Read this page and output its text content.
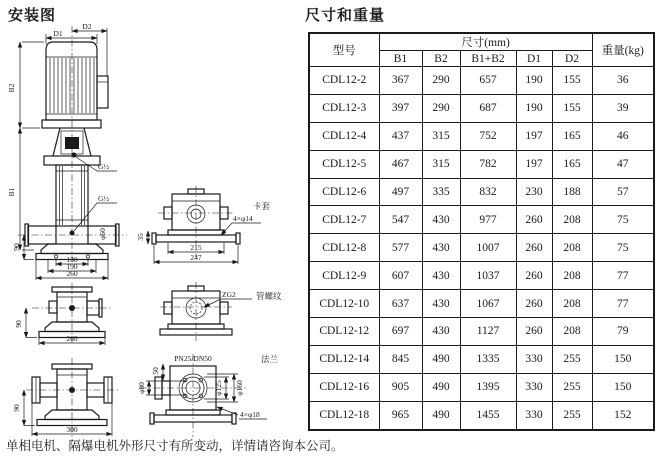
安装图	尺寸和重量
D2
D1
B2
B1
G½
G½
φ60
90
130
190
260
90
260
90
300
35
卡套
4×φ14
215
247
ZG2 管螺纹
PN25/DN50
50
φ80	φ125 φ160
4×φ18
法兰
型号	尺寸(mm)					重量(kg)
	B1	B2	B1+B2	D1	D2	
CDL12-2	367	290	657	190	155	36
CDL12-3	397	290	687	190	155	39
CDL12-4	437	315	752	197	165	46
CDL12-5	467	315	782	197	165	47
CDL12-6	497	335	832	230	188	57
CDL12-7	547	430	977	260	208	75
CDL12-8	577	430	1007	260	208	75
CDL12-9	607	430	1037	260	208	77
CDL12-10	637	430	1067	260	208	77
CDL12-12	697	430	1127	260	208	79
CDL12-14	845	490	1335	330	255	150
CDL12-16	905	490	1395	330	255	150
CDL12-18	965	490	1455	330	255	152
单相电机、隔爆电机外形尺寸有所变动，详情请咨询本公司。
